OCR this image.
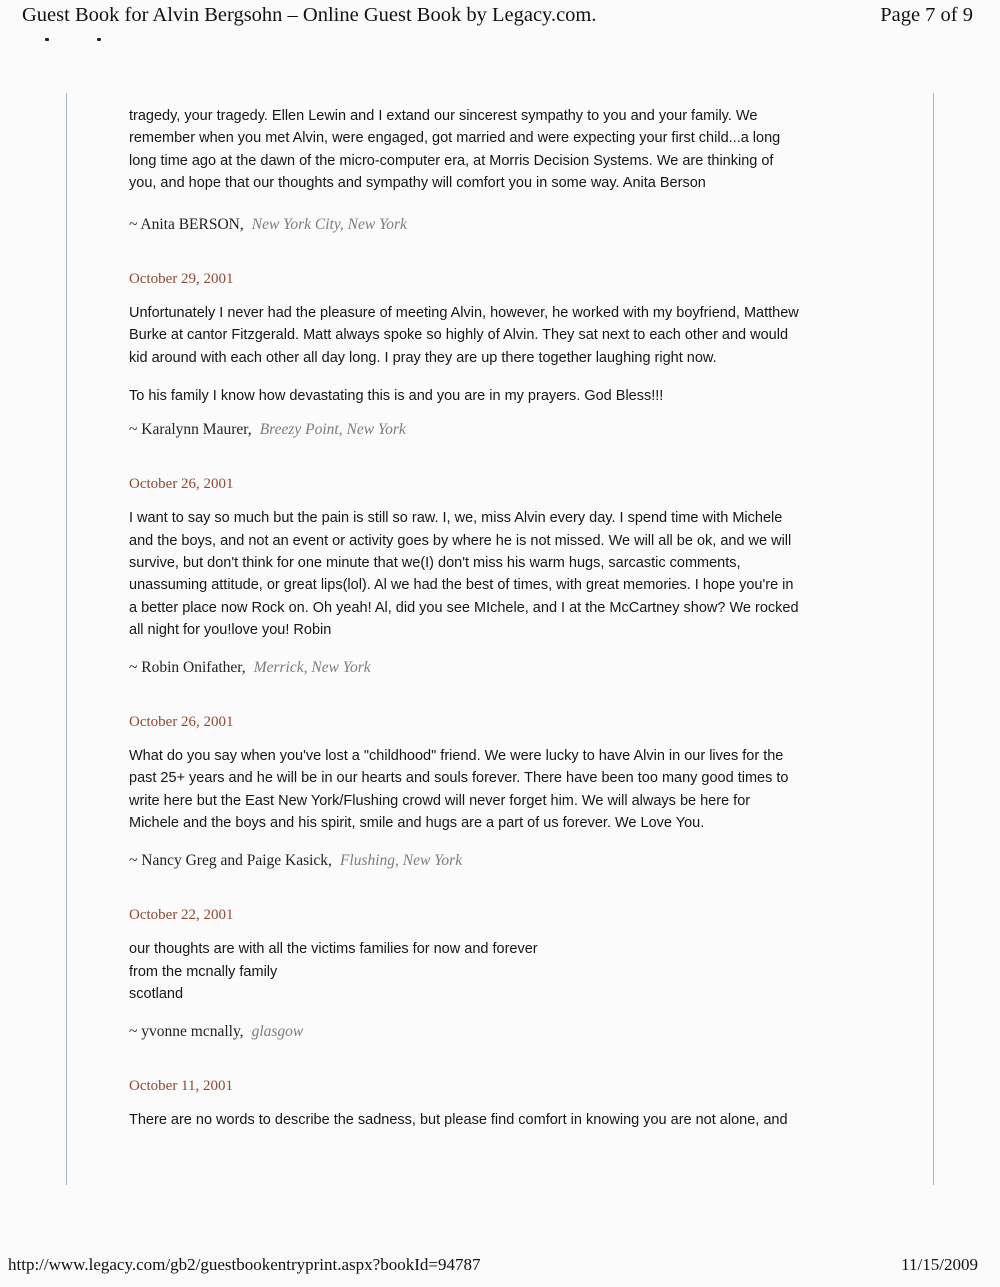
Guest Book for Alvin Bergsohn – Online Guest Book by Legacy.com.	Page 7 of 9

tragedy, your tragedy. Ellen Lewin and I extand our sincerest sympathy to you and your family. We
remember when you met Alvin, were engaged, got married and were expecting your first child...a long
long time ago at the dawn of the micro-computer era, at Morris Decision Systems. We are thinking of
you, and hope that our thoughts and sympathy will comfort you in some way. Anita Berson

~ Anita BERSON, New York City, New York
October 29, 2001

Unfortunately I never had the pleasure of meeting Alvin, however, he worked with my boyfriend, Matthew
Burke at cantor Fitzgerald. Matt always spoke so highly of Alvin. They sat next to each other and would
kid around with each other all day long. I pray they are up there together laughing right now.

To his family I know how devastating this is and you are in my prayers. God Bless!!!

~ Karalynn Maurer, Breezy Point, New York
October 26, 2001

I want to say so much but the pain is still so raw. I, we, miss Alvin every day. I spend time with Michele
and the boys, and not an event or activity goes by where he is not missed. We will all be ok, and we will
survive, but don't think for one minute that we(I) don't miss his warm hugs, sarcastic comments,
unassuming attitude, or great lips(lol). Al we had the best of times, with great memories. I hope you're in
a better place now Rock on. Oh yeah! Al, did you see MIchele, and I at the McCartney show? We rocked
all night for you!love you! Robin

~ Robin Onifather, Merrick, New York
October 26, 2001

What do you say when you've lost a "childhood" friend. We were lucky to have Alvin in our lives for the
past 25+ years and he will be in our hearts and souls forever. There have been too many good times to
write here but the East New York/Flushing crowd will never forget him. We will always be here for
Michele and the boys and his spirit, smile and hugs are a part of us forever. We Love You.

~ Nancy Greg and Paige Kasick, Flushing, New York
October 22, 2001

our thoughts are with all the victims families for now and forever
from the mcnally family
scotland

~ yvonne mcnally, glasgow
October 11, 2001

There are no words to describe the sadness, but please find comfort in knowing you are not alone, and

http://www.legacy.com/gb2/guestbookentryprint.aspx?bookId=94787	11/15/2009
